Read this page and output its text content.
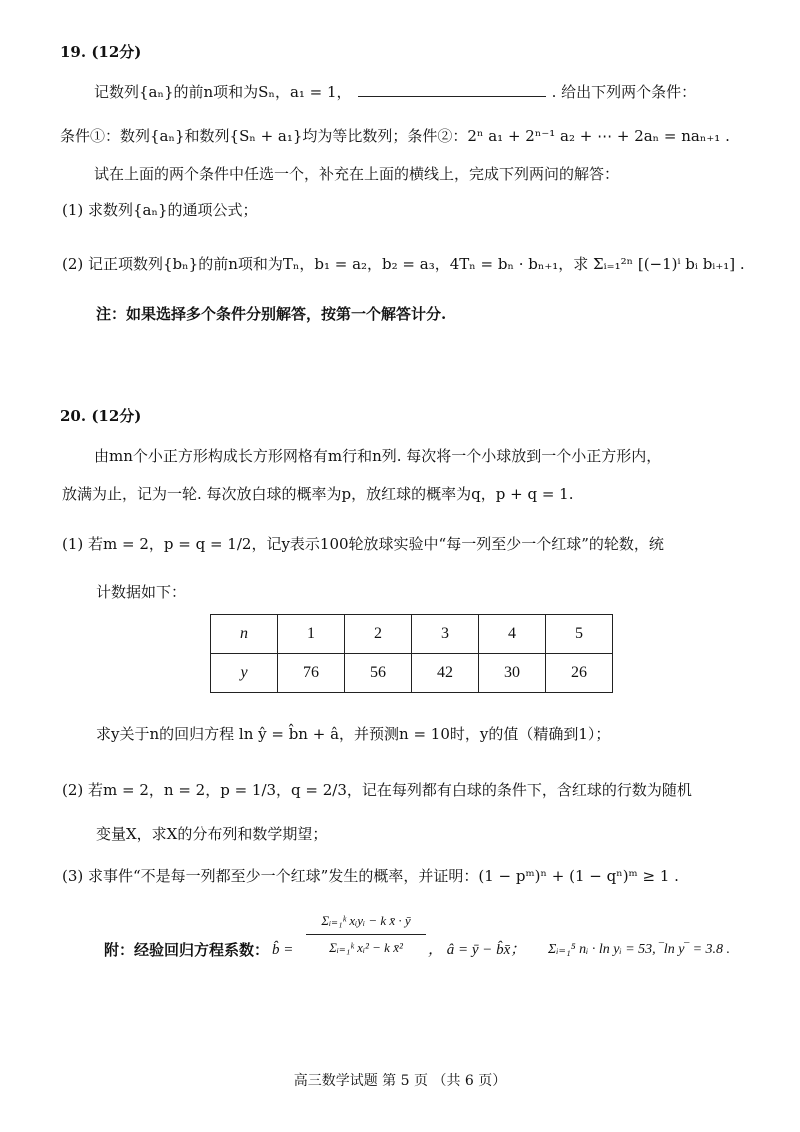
19. (12分)
记数列{aₙ}的前n项和为Sₙ，a₁ = 1，	. 给出下列两个条件：
条件①：数列{aₙ}和数列{Sₙ + a₁}均为等比数列；条件②：2ⁿ a₁ + 2ⁿ⁻¹ a₂ + ⋯ + 2aₙ = naₙ₊₁ .
试在上面的两个条件中任选一个，补充在上面的横线上，完成下列两问的解答：
(1) 求数列{aₙ}的通项公式；
(2) 记正项数列{bₙ}的前n项和为Tₙ，b₁ = a₂，b₂ = a₃，4Tₙ = bₙ · bₙ₊₁，求 Σᵢ₌₁²ⁿ [(−1)ⁱ bᵢ bᵢ₊₁] .
注：如果选择多个条件分别解答，按第一个解答计分.
20. (12分)
由mn个小正方形构成长方形网格有m行和n列. 每次将一个小球放到一个小正方形内，
放满为止，记为一轮. 每次放白球的概率为p，放红球的概率为q，p + q = 1.
(1) 若m = 2，p = q = 1/2，记y表示100轮放球实验中“每一列至少一个红球”的轮数，统
计数据如下：
n	1	2	3	4	5
y	76	56	42	30	26
求y关于n的回归方程 ln ŷ = b̂n + â，并预测n = 10时，y的值（精确到1）；
(2) 若m = 2，n = 2，p = 1/3，q = 2/3，记在每列都有白球的条件下，含红球的行数为随机
变量X，求X的分布列和数学期望；
(3) 求事件“不是每一列都至少一个红球”发生的概率，并证明：(1 − pᵐ)ⁿ + (1 − qⁿ)ᵐ ≥ 1 .
附：经验回归方程系数： b̂ =
Σᵢ₌₁ᵏ xᵢyᵢ − k x̄ · ȳ
Σᵢ₌₁ᵏ xᵢ² − k x̄²	， â = ȳ − b̂x̄； Σᵢ₌₁⁵ nᵢ · ln yᵢ = 53, ‾ln y‾ = 3.8 .
高三数学试题 第 5 页 （共 6 页）
